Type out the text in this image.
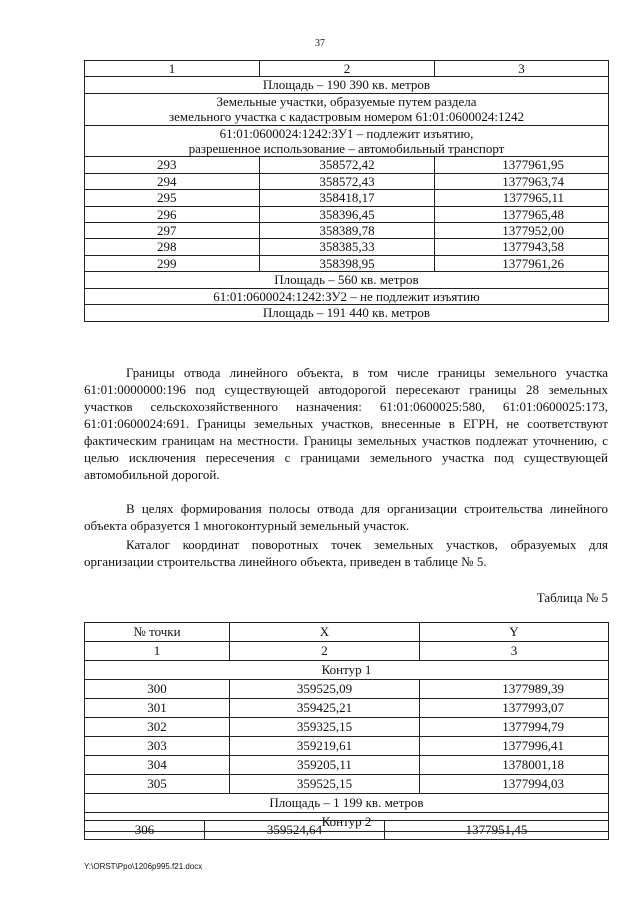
37
1	2	3
Площадь – 190 390 кв. метров		
Земельные участки, образуемые путем раздела
земельного участка с кадастровым номером 61:01:0600024:1242		
61:01:0600024:1242:ЗУ1 – подлежит изъятию,
разрешенное использование – автомобильный транспорт		
293	358572,42	1377961,95
294	358572,43	1377963,74
295	358418,17	1377965,11
296	358396,45	1377965,48
297	358389,78	1377952,00
298	358385,33	1377943,58
299	358398,95	1377961,26
Площадь – 560 кв. метров		
61:01:0600024:1242:ЗУ2 – не подлежит изъятию		
Площадь – 191 440 кв. метров		

Границы отвода линейного объекта, в том числе границы земельного участка 61:01:0000000:196 под существующей автодорогой пересекают границы 28 земельных участков сельскохозяйственного назначения: 61:01:0600025:580, 61:01:0600025:173, 61:01:0600024:691. Границы земельных участков, внесенные в ЕГРН, не соответствуют фактическим границам на местности. Границы земельных участков подлежат уточнению, с целью исключения пересечения с границами земельного участка под существующей автомобильной дорогой.

В целях формирования полосы отвода для организации строительства линейного объекта образуется 1 многоконтурный земельный участок.

Каталог координат поворотных точек земельных участков, образуемых для организации строительства линейного объекта, приведен в таблице № 5.

Таблица № 5
№ точки	X	Y
1	2	3
Контур 1		
300	359525,09	1377989,39
301	359425,21	1377993,07
302	359325,15	1377994,79
303	359219,61	1377996,41
304	359205,11	1378001,18
305	359525,15	1377994,03
Площадь – 1 199 кв. метров		
Контур 2		
306	359524,64	1377951,45
Y:\ORST\Ppo\1206p995.f21.docx
